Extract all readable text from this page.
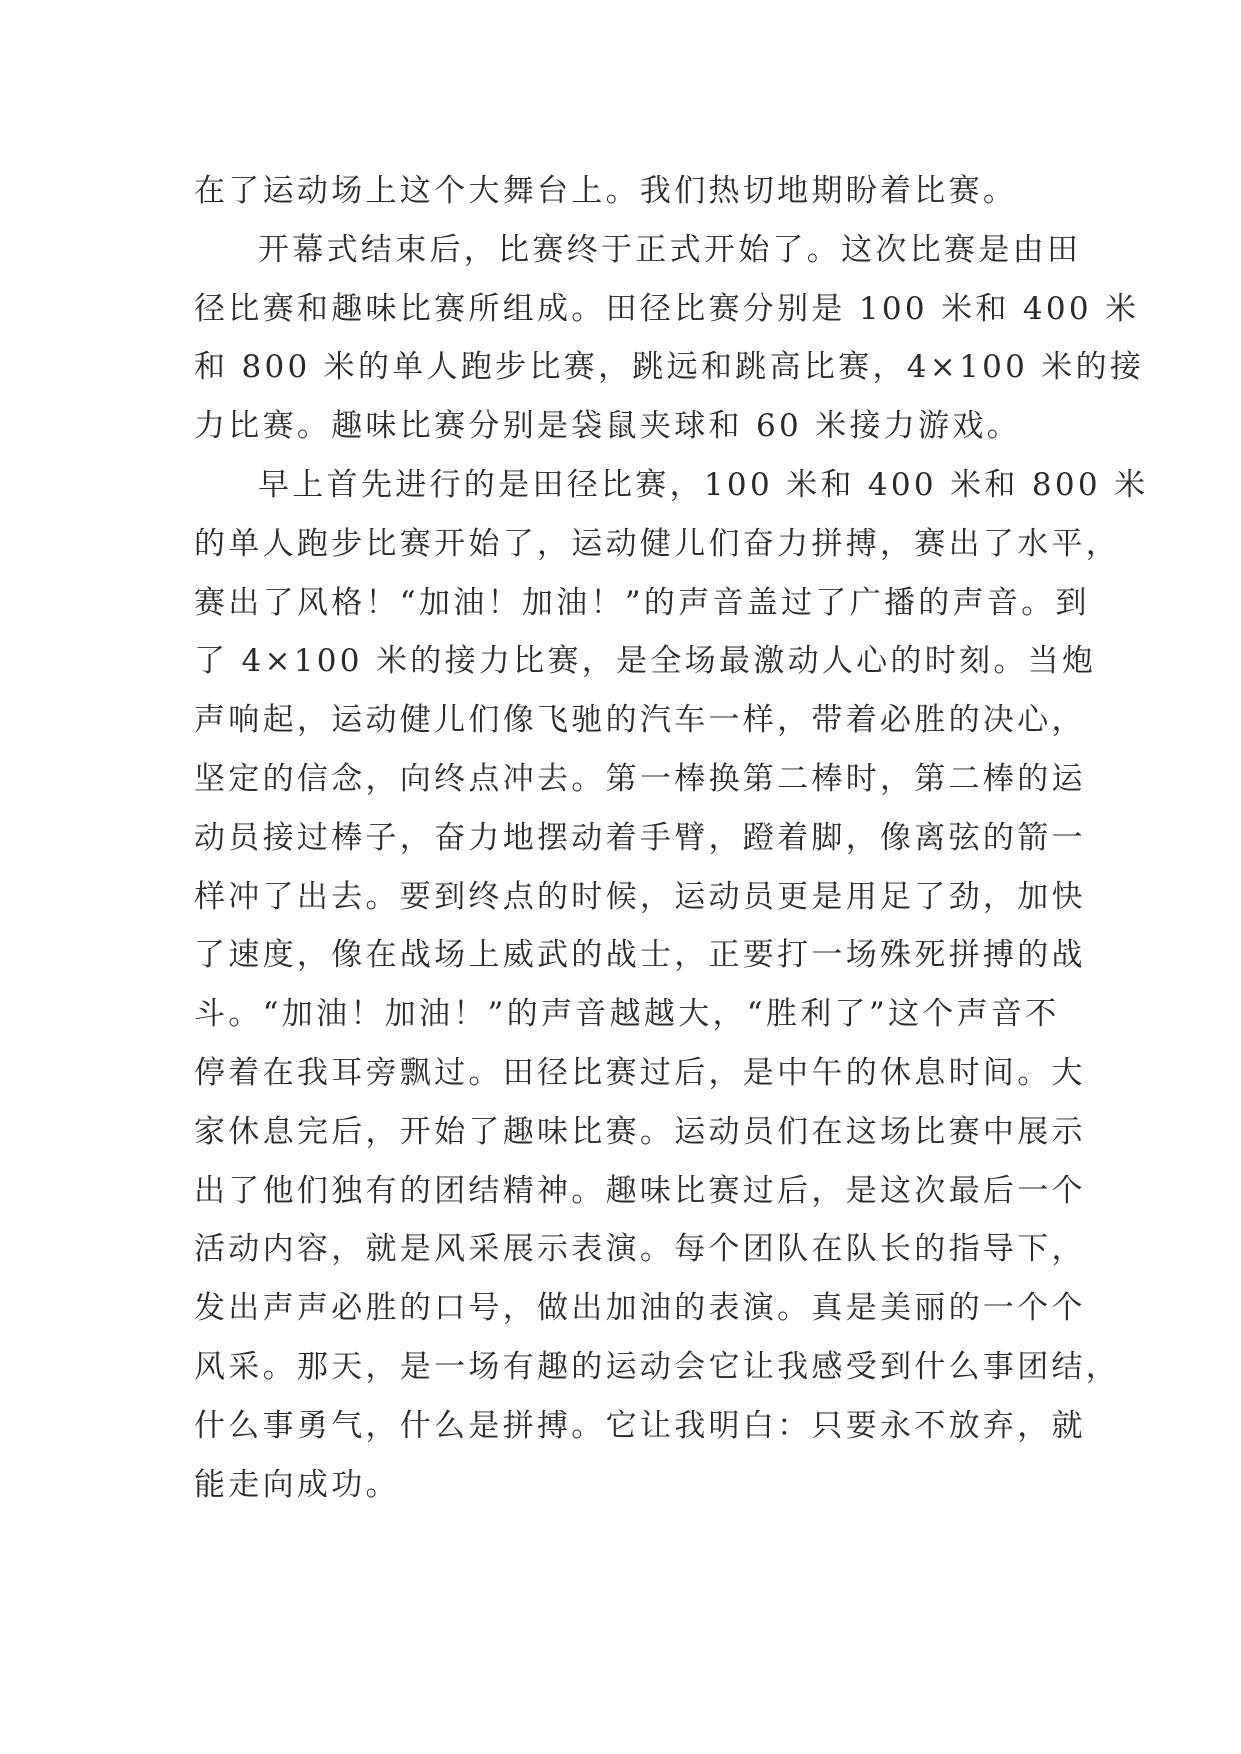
在了运动场上这个大舞台上。我们热切地期盼着比赛。
开幕式结束后，比赛终于正式开始了。这次比赛是由田
径比赛和趣味比赛所组成。田径比赛分别是 100 米和 400 米
和 800 米的单人跑步比赛，跳远和跳高比赛，4×100 米的接
力比赛。趣味比赛分别是袋鼠夹球和 60 米接力游戏。
早上首先进行的是田径比赛，100 米和 400 米和 800 米
的单人跑步比赛开始了，运动健儿们奋力拼搏，赛出了水平，
赛出了风格！“加油！加油！”的声音盖过了广播的声音。到
了 4×100 米的接力比赛，是全场最激动人心的时刻。当炮
声响起，运动健儿们像飞驰的汽车一样，带着必胜的决心，
坚定的信念，向终点冲去。第一棒换第二棒时，第二棒的运
动员接过棒子，奋力地摆动着手臂，蹬着脚，像离弦的箭一
样冲了出去。要到终点的时候，运动员更是用足了劲，加快
了速度，像在战场上威武的战士，正要打一场殊死拼搏的战
斗。“加油！加油！”的声音越越大，“胜利了”这个声音不
停着在我耳旁飘过。田径比赛过后，是中午的休息时间。大
家休息完后，开始了趣味比赛。运动员们在这场比赛中展示
出了他们独有的团结精神。趣味比赛过后，是这次最后一个
活动内容，就是风采展示表演。每个团队在队长的指导下，
发出声声必胜的口号，做出加油的表演。真是美丽的一个个
风采。那天，是一场有趣的运动会它让我感受到什么事团结，
什么事勇气，什么是拼搏。它让我明白：只要永不放弃，就
能走向成功。
